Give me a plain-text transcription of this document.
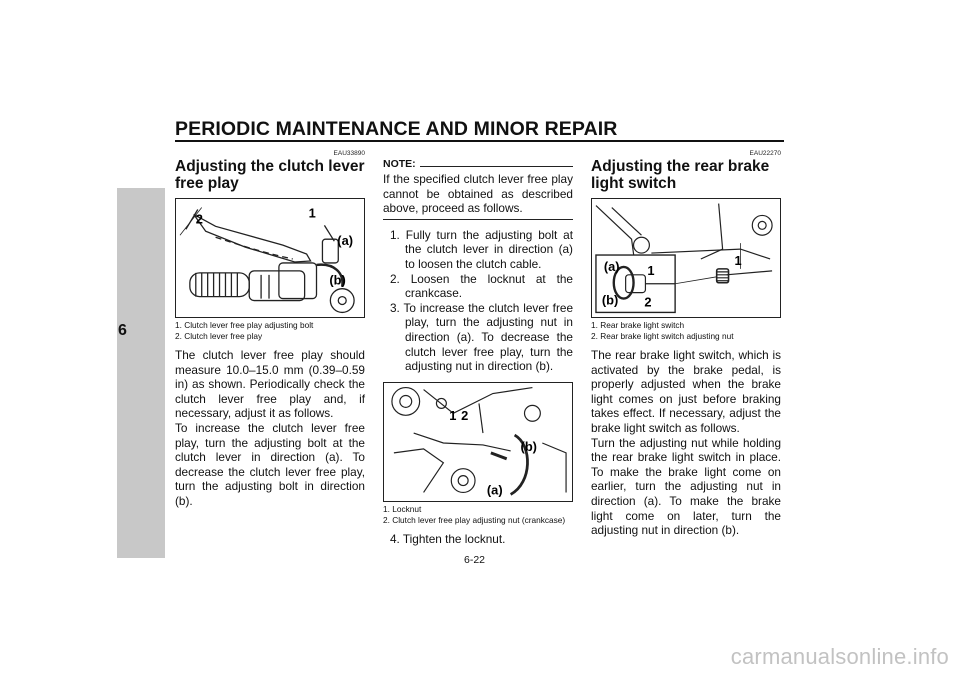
PERIODIC MAINTENANCE AND MINOR REPAIR
6
EAU33890
Adjusting the clutch lever free play
2	1
(a)
(b)
1. Clutch lever free play adjusting bolt
2. Clutch lever free play
The clutch lever free play should measure 10.0–15.0 mm (0.39–0.59 in) as shown. Periodically check the clutch lever free play and, if necessary, adjust it as follows.
To increase the clutch lever free play, turn the adjusting bolt at the clutch lever in direction (a). To decrease the clutch lever free play, turn the adjusting bolt in direction (b).
NOTE:
If the specified clutch lever free play cannot be obtained as described above, proceed as follows.
1. Fully turn the adjusting bolt at the clutch lever in direction (a) to loosen the clutch cable.
2. Loosen the locknut at the crankcase.
3. To increase the clutch lever free play, turn the adjusting nut in direction (a). To decrease the clutch lever free play, turn the adjusting nut in direction (b).
1 2
(b)
(a)
1. Locknut
2. Clutch lever free play adjusting nut (crankcase)
4. Tighten the locknut.
EAU22270
Adjusting the rear brake light switch
(a) 1
(b) 2
1
1. Rear brake light switch
2. Rear brake light switch adjusting nut
The rear brake light switch, which is activated by the brake pedal, is properly adjusted when the brake light comes on just before braking takes effect. If necessary, adjust the brake light switch as follows.
Turn the adjusting nut while holding the rear brake light switch in place. To make the brake light come on earlier, turn the adjusting nut in direction (a). To make the brake light come on later, turn the adjusting nut in direction (b).
6-22
carmanualsonline.info
